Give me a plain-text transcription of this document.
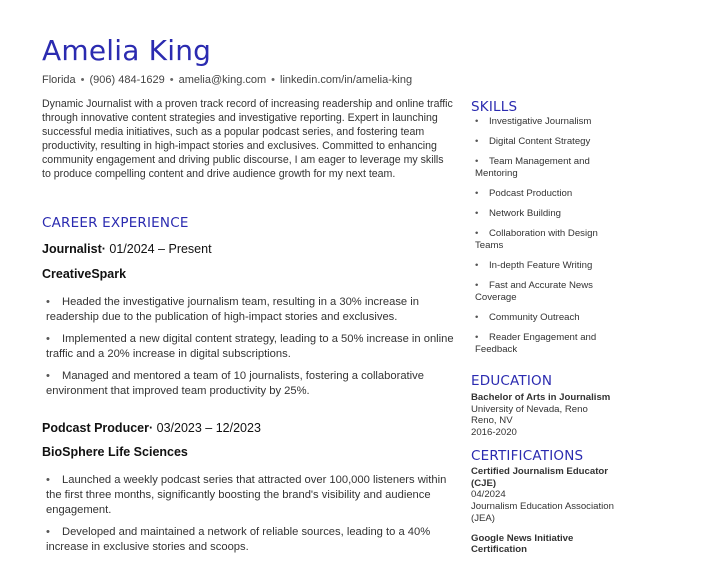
Amelia King
Florida • (906) 484-1629 • amelia@king.com • linkedin.com/in/amelia-king

Dynamic Journalist with a proven track record of increasing readership and online traffic through innovative content strategies and investigative reporting. Expert in launching successful media initiatives, such as a popular podcast series, and fostering team productivity, resulting in high-impact stories and exclusives. Committed to enhancing community engagement and driving public discourse, I am eager to leverage my skills to produce compelling content and drive audience growth for my next team.

CAREER EXPERIENCE
Journalist· 01/2024 – Present
CreativeSpark
• Headed the investigative journalism team, resulting in a 30% increase in readership due to the publication of high-impact stories and exclusives.
• Implemented a new digital content strategy, leading to a 50% increase in online traffic and a 20% increase in digital subscriptions.
• Managed and mentored a team of 10 journalists, fostering a collaborative environment that improved team productivity by 25%.
Podcast Producer· 03/2023 – 12/2023
BioSphere Life Sciences
• Launched a weekly podcast series that attracted over 100,000 listeners within the first three months, significantly boosting the brand's visibility and audience engagement.
• Developed and maintained a network of reliable sources, leading to a 40% increase in exclusive stories and scoops.
SKILLS
• Investigative Journalism
• Digital Content Strategy
• Team Management and Mentoring
• Podcast Production
• Network Building
• Collaboration with Design Teams
• In-depth Feature Writing
• Fast and Accurate News Coverage
• Community Outreach
• Reader Engagement and Feedback
EDUCATION
Bachelor of Arts in Journalism
University of Nevada, Reno
Reno, NV
2016-2020
CERTIFICATIONS
Certified Journalism Educator (CJE)
04/2024
Journalism Education Association (JEA)
Google News Initiative Certification
